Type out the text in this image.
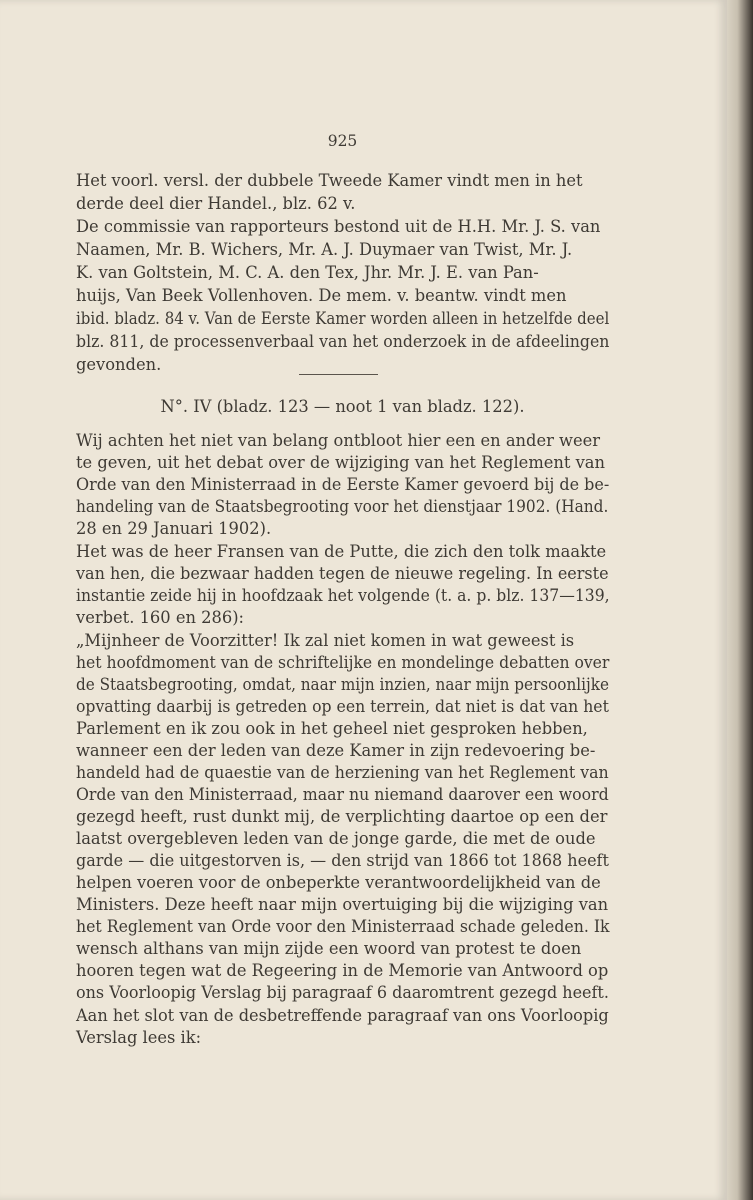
925
Het voorl. versl. der dubbele Tweede Kamer vindt men in het
derde deel dier Handel., blz. 62 v.
De commissie van rapporteurs bestond uit de H.H. Mr. J. S. van
Naamen, Mr. B. Wichers, Mr. A. J. Duymaer van Twist, Mr. J.
K. van Goltstein, M. C. A. den Tex, Jhr. Mr. J. E. van Pan-
huijs, Van Beek Vollenhoven. De mem. v. beantw. vindt men
ibid. bladz. 84 v. Van de Eerste Kamer worden alleen in hetzelfde deel
blz. 811, de processenverbaal van het onderzoek in de afdeelingen
gevonden.
N°. IV (bladz. 123 — noot 1 van bladz. 122).
Wij achten het niet van belang ontbloot hier een en ander weer
te geven, uit het debat over de wijziging van het Reglement van
Orde van den Ministerraad in de Eerste Kamer gevoerd bij de be-
handeling van de Staatsbegrooting voor het dienstjaar 1902. (Hand.
28 en 29 Januari 1902).
Het was de heer Fransen van de Putte, die zich den tolk maakte
van hen, die bezwaar hadden tegen de nieuwe regeling. In eerste
instantie zeide hij in hoofdzaak het volgende (t. a. p. blz. 137—139,
verbet. 160 en 286):
„Mijnheer de Voorzitter! Ik zal niet komen in wat geweest is
het hoofdmoment van de schriftelijke en mondelinge debatten over
de Staatsbegrooting, omdat, naar mijn inzien, naar mijn persoonlijke
opvatting daarbij is getreden op een terrein, dat niet is dat van het
Parlement en ik zou ook in het geheel niet gesproken hebben,
wanneer een der leden van deze Kamer in zijn redevoering be-
handeld had de quaestie van de herziening van het Reglement van
Orde van den Ministerraad, maar nu niemand daarover een woord
gezegd heeft, rust dunkt mij, de verplichting daartoe op een der
laatst overgebleven leden van de jonge garde, die met de oude
garde — die uitgestorven is, — den strijd van 1866 tot 1868 heeft
helpen voeren voor de onbeperkte verantwoordelijkheid van de
Ministers. Deze heeft naar mijn overtuiging bij die wijziging van
het Reglement van Orde voor den Ministerraad schade geleden. Ik
wensch althans van mijn zijde een woord van protest te doen
hooren tegen wat de Regeering in de Memorie van Antwoord op
ons Voorloopig Verslag bij paragraaf 6 daaromtrent gezegd heeft.
Aan het slot van de desbetreffende paragraaf van ons Voorloopig
Verslag lees ik:
